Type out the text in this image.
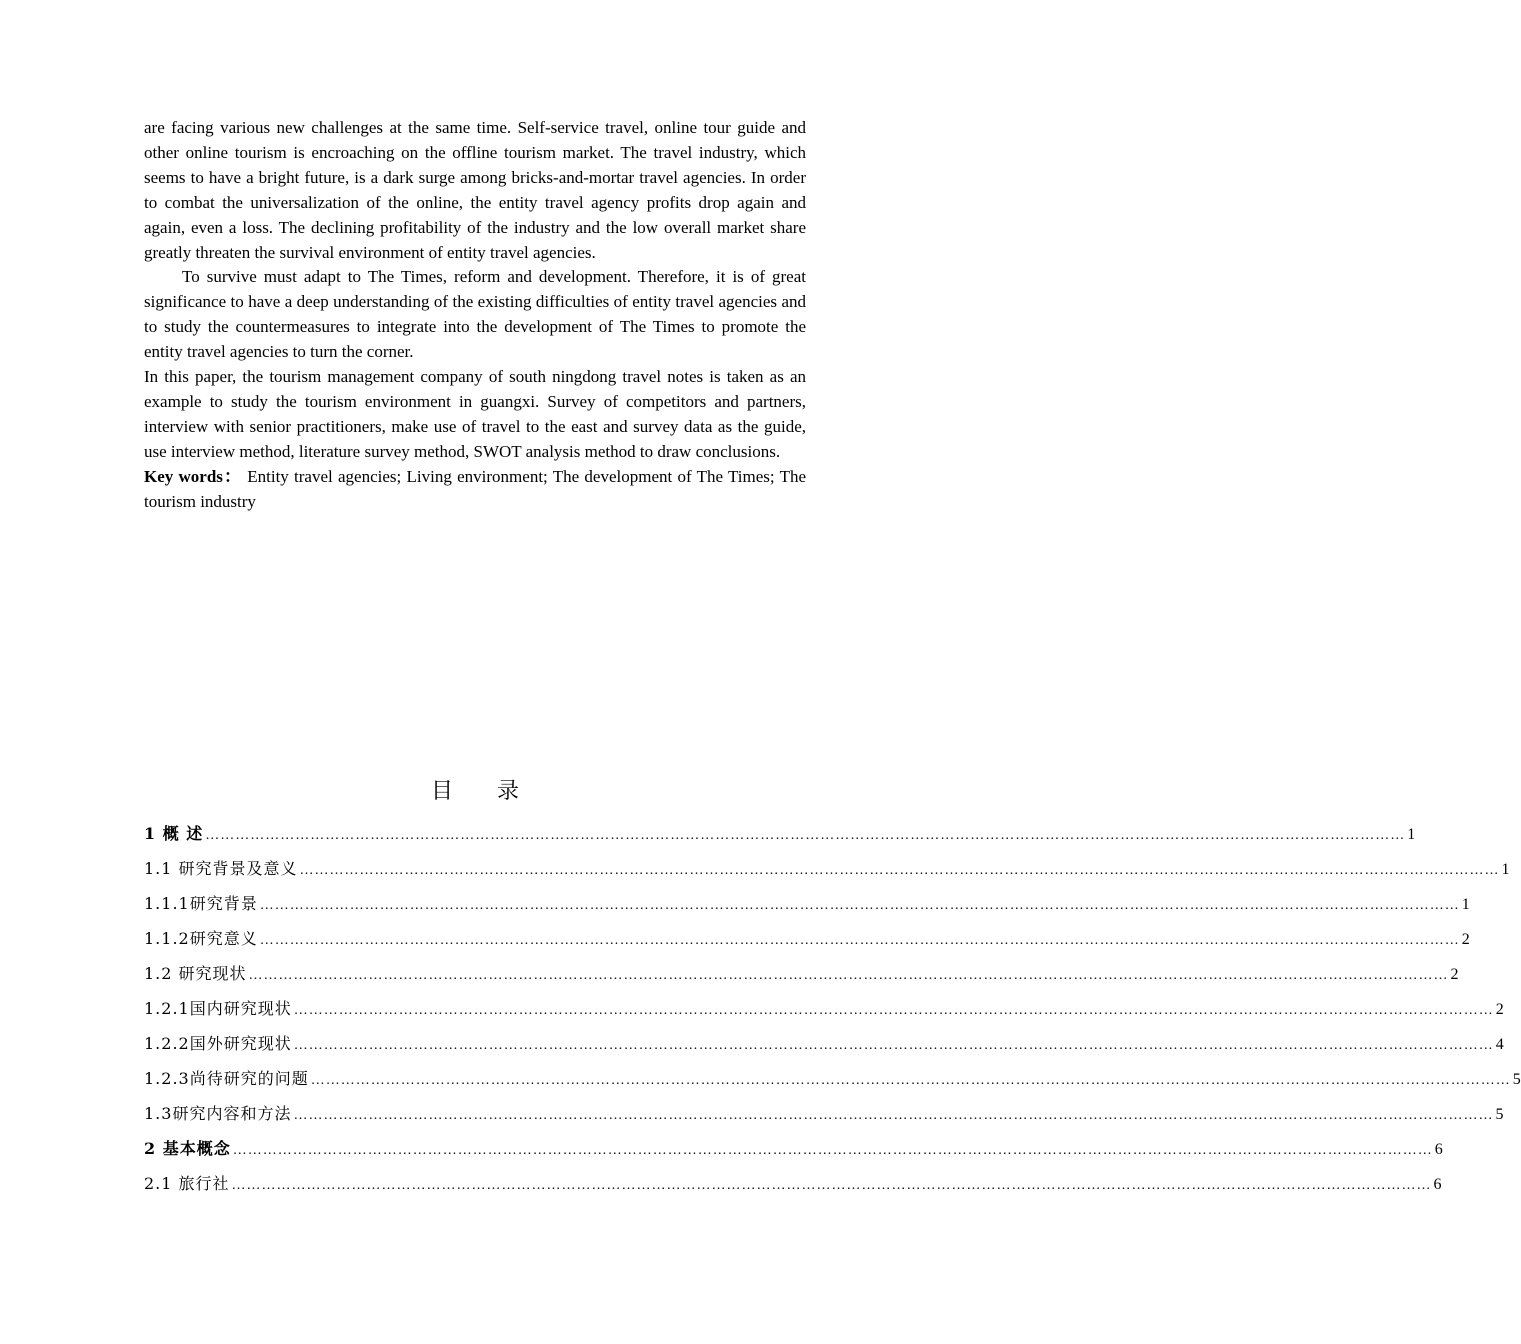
are facing various new challenges at the same time. Self-service travel, online tour guide and other online tourism is encroaching on the offline tourism market. The travel industry, which seems to have a bright future, is a dark surge among bricks-and-mortar travel agencies. In order to combat the universalization of the online, the entity travel agency profits drop again and again, even a loss. The declining profitability of the industry and the low overall market share greatly threaten the survival environment of entity travel agencies.

To survive must adapt to The Times, reform and development. Therefore, it is of great significance to have a deep understanding of the existing difficulties of entity travel agencies and to study the countermeasures to integrate into the development of The Times to promote the entity travel agencies to turn the corner.

In this paper, the tourism management company of south ningdong travel notes is taken as an example to study the tourism environment in guangxi. Survey of competitors and partners, interview with senior practitioners, make use of travel to the east and survey data as the guide, use interview method, literature survey method, SWOT analysis method to draw conclusions.

Key words： Entity travel agencies; Living environment; The development of The Times; The tourism industry

目录
1 概 述 …………………………………………………………………………………………………………………………………………………………………………………………………………………… 1
1.1 研究背景及意义 …………………………………………………………………………………………………………………………………………………………………………………………………………………… 1
1.1.1研究背景 …………………………………………………………………………………………………………………………………………………………………………………………………………………… 1
1.1.2研究意义 …………………………………………………………………………………………………………………………………………………………………………………………………………………… 2
1.2 研究现状 …………………………………………………………………………………………………………………………………………………………………………………………………………………… 2
1.2.1国内研究现状 …………………………………………………………………………………………………………………………………………………………………………………………………………………… 2
1.2.2国外研究现状 …………………………………………………………………………………………………………………………………………………………………………………………………………………… 4
1.2.3尚待研究的问题 …………………………………………………………………………………………………………………………………………………………………………………………………………………… 5
1.3研究内容和方法 …………………………………………………………………………………………………………………………………………………………………………………………………………………… 5
2 基本概念 …………………………………………………………………………………………………………………………………………………………………………………………………………………… 6
2.1 旅行社 …………………………………………………………………………………………………………………………………………………………………………………………………………………… 6
